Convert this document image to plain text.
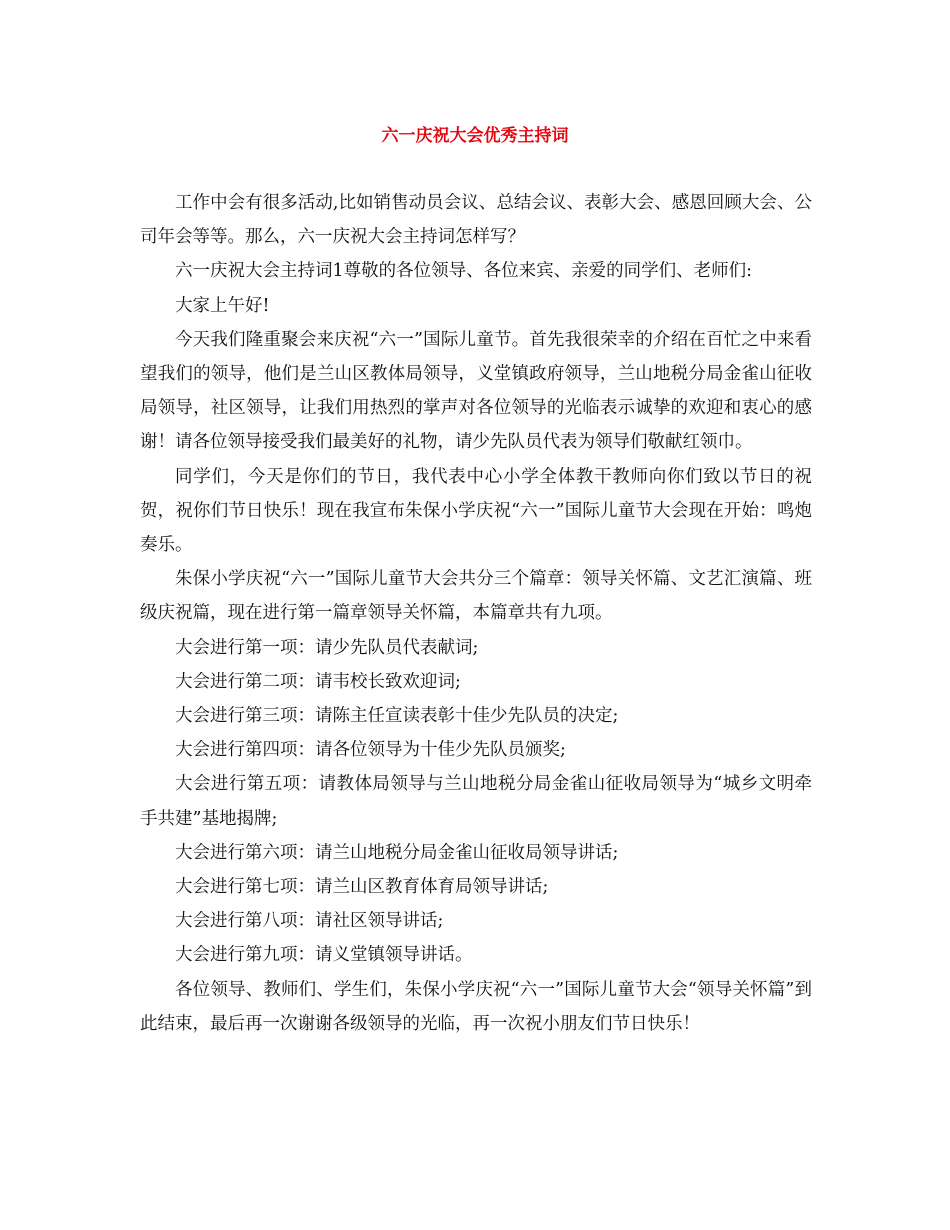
六一庆祝大会优秀主持词

工作中会有很多活动,比如销售动员会议、总结会议、表彰大会、感恩回顾大会、公司年会等等。那么，六一庆祝大会主持词怎样写？

六一庆祝大会主持词1尊敬的各位领导、各位来宾、亲爱的同学们、老师们:

大家上午好!

今天我们隆重聚会来庆祝“六一”国际儿童节。首先我很荣幸的介绍在百忙之中来看望我们的领导，他们是兰山区教体局领导，义堂镇政府领导，兰山地税分局金雀山征收局领导，社区领导，让我们用热烈的掌声对各位领导的光临表示诚挚的欢迎和衷心的感谢！请各位领导接受我们最美好的礼物，请少先队员代表为领导们敬献红领巾。

同学们，今天是你们的节日，我代表中心小学全体教干教师向你们致以节日的祝贺，祝你们节日快乐！现在我宣布朱保小学庆祝“六一”国际儿童节大会现在开始：鸣炮奏乐。

朱保小学庆祝“六一”国际儿童节大会共分三个篇章：领导关怀篇、文艺汇演篇、班级庆祝篇，现在进行第一篇章领导关怀篇，本篇章共有九项。

大会进行第一项：请少先队员代表献词;

大会进行第二项：请韦校长致欢迎词;

大会进行第三项：请陈主任宣读表彰十佳少先队员的决定;

大会进行第四项：请各位领导为十佳少先队员颁奖;

大会进行第五项：请教体局领导与兰山地税分局金雀山征收局领导为“城乡文明牵手共建”基地揭牌;

大会进行第六项：请兰山地税分局金雀山征收局领导讲话;

大会进行第七项：请兰山区教育体育局领导讲话;

大会进行第八项：请社区领导讲话;

大会进行第九项：请义堂镇领导讲话。

各位领导、教师们、学生们，朱保小学庆祝“六一”国际儿童节大会“领导关怀篇”到此结束，最后再一次谢谢各级领导的光临，再一次祝小朋友们节日快乐！
